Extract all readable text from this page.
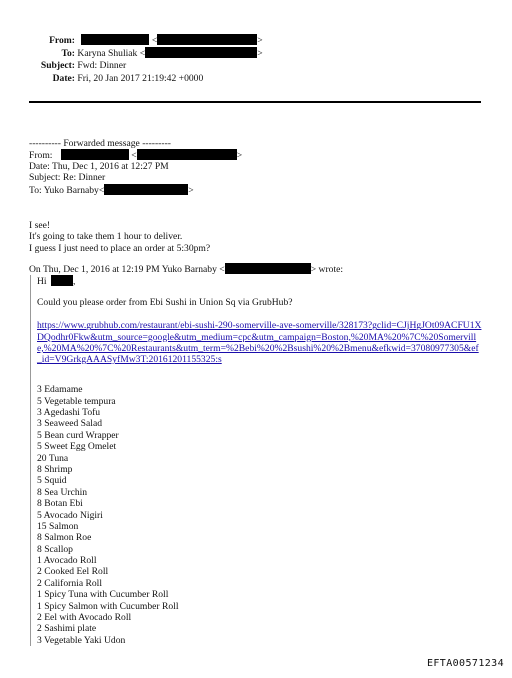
From:	<	>
To: Karyna Shuliak <	>
Subject: Fwd: Dinner
Date: Fri, 20 Jan 2017 21:19:42 +0000
---------- Forwarded message ---------
From:	<	>
Date: Thu, Dec 1, 2016 at 12:27 PM
Subject: Re: Dinner
To: Yuko Barnaby<	>
I see!
It's going to take them 1 hour to deliver.
I guess I just need to place an order at 5:30pm?
On Thu, Dec 1, 2016 at 12:19 PM Yuko Barnaby <	> wrote:
Hi	,
Could you please order from Ebi Sushi in Union Sq via GrubHub?
https://www.grubhub.com/restaurant/ebi-sushi-290-somerville-ave-somerville/328173?gclid=CJjHgJOt09ACFU1XDQodhr0Fkw&utm_source=google&utm_medium=cpc&utm_campaign=Boston,%20MA%20%7C%20Somerville,%20MA%20%7C%20Restaurants&utm_term=%2Bebi%20%2Bsushi%20%2Bmenu&efkwid=37080977305&ef_id=V9GrkgAAASyfMw3T:20161201155325:s
3 Edamame
5 Vegetable tempura
3 Agedashi Tofu
3 Seaweed Salad
5 Bean curd Wrapper
5 Sweet Egg Omelet
20 Tuna
8 Shrimp
5 Squid
8 Sea Urchin
8 Botan Ebi
5 Avocado Nigiri
15 Salmon
8 Salmon Roe
8 Scallop
1 Avocado Roll
2 Cooked Eel Roll
2 California Roll
1 Spicy Tuna with Cucumber Roll
1 Spicy Salmon with Cucumber Roll
2 Eel with Avocado Roll
2 Sashimi plate
3 Vegetable Yaki Udon
EFTA00571234
